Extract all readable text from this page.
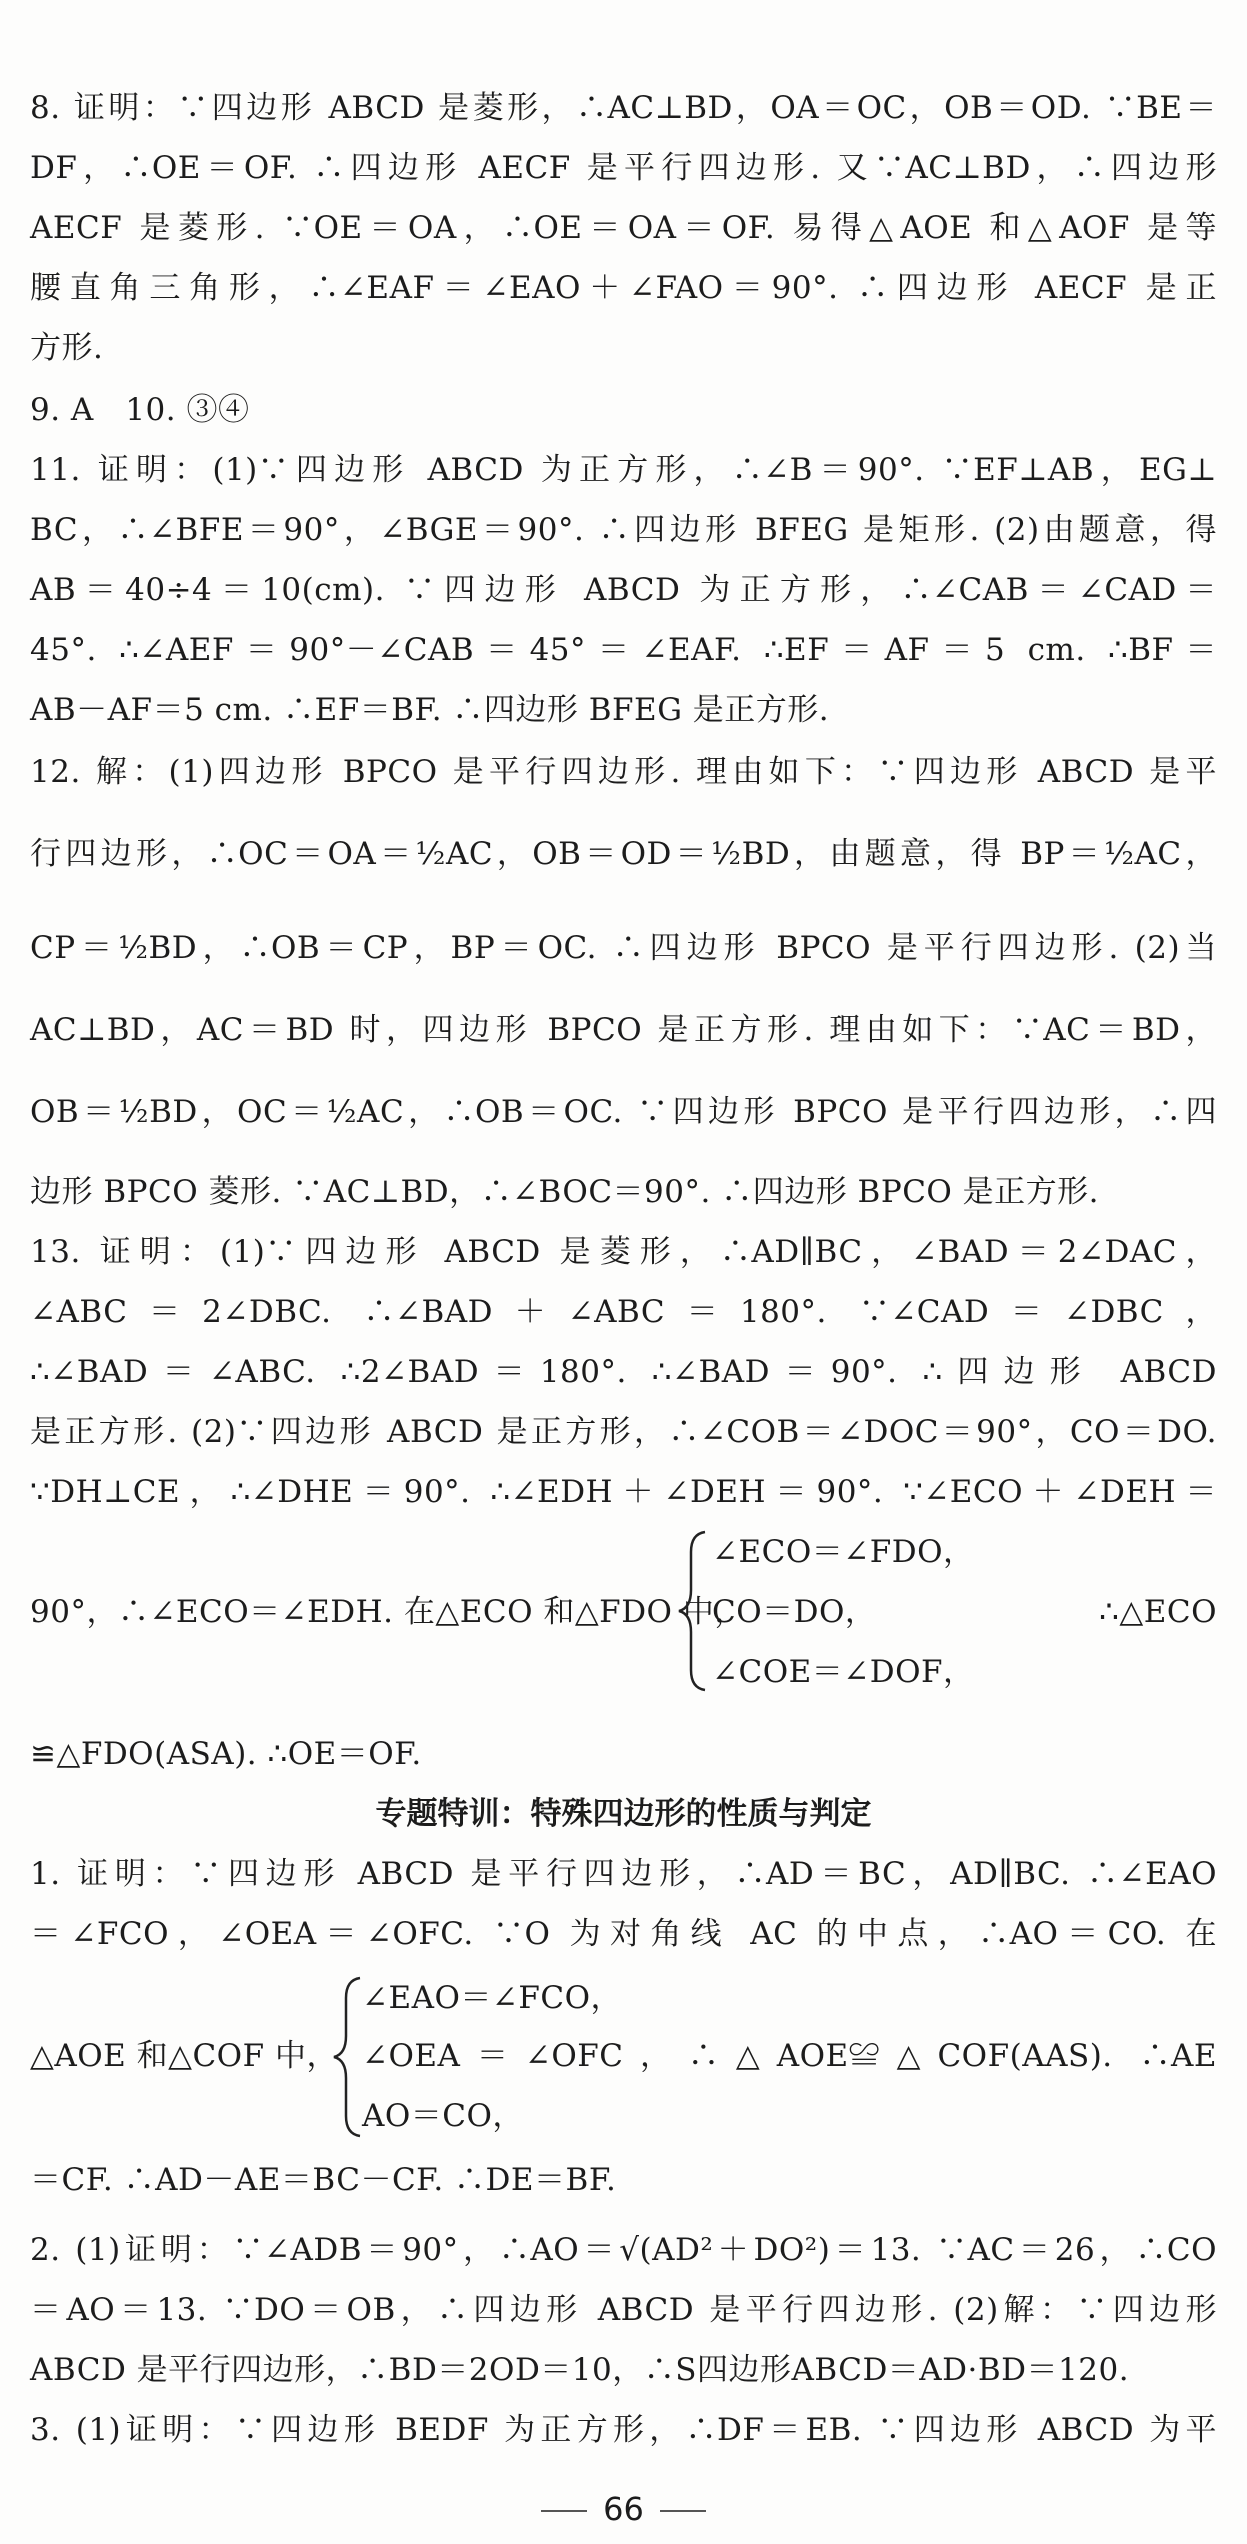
8. 证明：∵四边形 ABCD 是菱形，∴AC⊥BD，OA＝OC，OB＝OD. ∵BE＝
DF，∴OE＝OF. ∴四边形 AECF 是平行四边形. 又∵AC⊥BD，∴四边形
AECF 是菱形. ∵OE＝OA，∴OE＝OA＝OF. 易得△AOE 和△AOF 是等
腰直角三角形，∴∠EAF＝∠EAO＋∠FAO＝90°. ∴四边形 AECF 是正
方形.
9. A　10. ③④
11. 证明：(1)∵四边形 ABCD 为正方形，∴∠B＝90°. ∵EF⊥AB，EG⊥
BC，∴∠BFE＝90°，∠BGE＝90°. ∴四边形 BFEG 是矩形. (2)由题意，得
AB＝40÷4＝10(cm). ∵四边形 ABCD 为正方形，∴∠CAB＝∠CAD＝
45°. ∴∠AEF＝90°－∠CAB＝45°＝∠EAF. ∴EF＝AF＝5 cm. ∴BF＝
AB－AF＝5 cm. ∴EF＝BF. ∴四边形 BFEG 是正方形.
12. 解：(1)四边形 BPCO 是平行四边形. 理由如下：∵四边形 ABCD 是平
行四边形，∴OC＝OA＝½AC，OB＝OD＝½BD，由题意，得 BP＝½AC，
CP＝½BD，∴OB＝CP，BP＝OC. ∴四边形 BPCO 是平行四边形. (2)当
AC⊥BD，AC＝BD 时，四边形 BPCO 是正方形. 理由如下：∵AC＝BD，
OB＝½BD，OC＝½AC，∴OB＝OC. ∵四边形 BPCO 是平行四边形，∴四
边形 BPCO 菱形. ∵AC⊥BD，∴∠BOC＝90°. ∴四边形 BPCO 是正方形.
13. 证明：(1)∵四边形 ABCD 是菱形，∴AD∥BC，∠BAD＝2∠DAC，
∠ABC＝2∠DBC. ∴∠BAD＋∠ABC＝180°. ∵∠CAD＝∠DBC，
∴∠BAD＝∠ABC. ∴2∠BAD＝180°. ∴∠BAD＝90°. ∴四边形 ABCD
是正方形. (2)∵四边形 ABCD 是正方形，∴∠COB＝∠DOC＝90°，CO＝DO.
∵DH⊥CE，∴∠DHE＝90°. ∴∠EDH＋∠DEH＝90°. ∵∠ECO＋∠DEH＝
90°，∴∠ECO＝∠EDH. 在△ECO 和△FDO 中，
∠ECO＝∠FDO，
CO＝DO，
∠COE＝∠DOF，
∴△ECO
≌△FDO(ASA). ∴OE＝OF.
专题特训：特殊四边形的性质与判定
1. 证明：∵四边形 ABCD 是平行四边形，∴AD＝BC，AD∥BC. ∴∠EAO
＝∠FCO，∠OEA＝∠OFC. ∵O 为对角线 AC 的中点，∴AO＝CO. 在
∠EAO＝∠FCO，
△AOE 和△COF 中， ∠OEA＝∠OFC，∴△AOE≌△COF(AAS). ∴AE
AO＝CO，
＝CF. ∴AD－AE＝BC－CF. ∴DE＝BF.
2. (1)证明：∵∠ADB＝90°，∴AO＝√(AD²＋DO²)＝13. ∵AC＝26，∴CO
＝AO＝13. ∵DO＝OB，∴四边形 ABCD 是平行四边形. (2)解：∵四边形
ABCD 是平行四边形，∴BD＝2OD＝10，∴S四边形ABCD＝AD·BD＝120.
3. (1)证明：∵四边形 BEDF 为正方形，∴DF＝EB. ∵四边形 ABCD 为平
66
